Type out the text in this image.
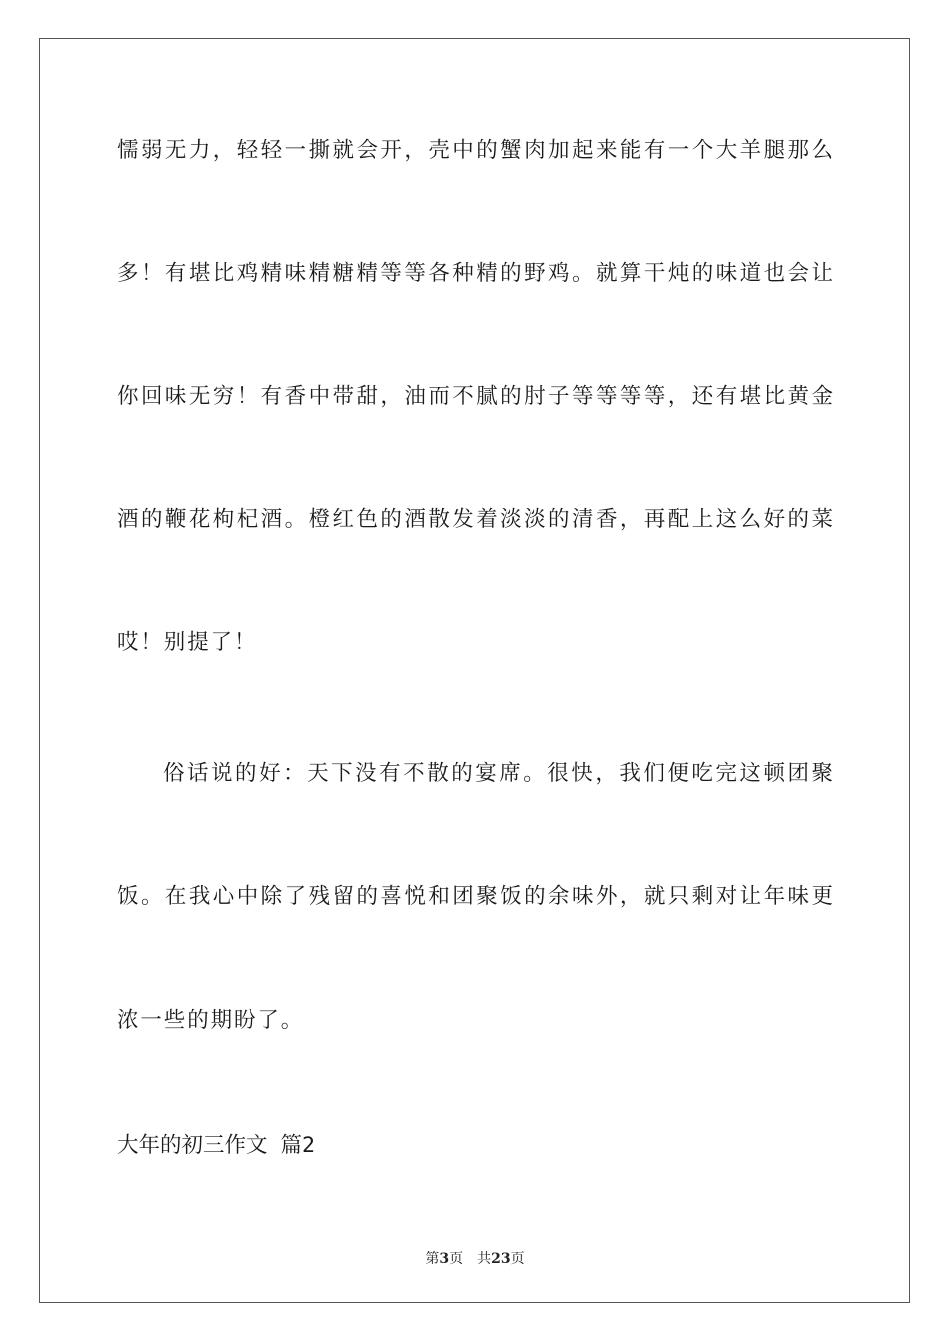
懦弱无力，轻轻一撕就会开，壳中的蟹肉加起来能有一个大羊腿那么
多！有堪比鸡精味精糖精等等各种精的野鸡。就算干炖的味道也会让
你回味无穷！有香中带甜，油而不腻的肘子等等等等，还有堪比黄金
酒的鞭花枸杞酒。橙红色的酒散发着淡淡的清香，再配上这么好的菜
哎！别提了！
俗话说的好：天下没有不散的宴席。很快，我们便吃完这顿团聚
饭。在我心中除了残留的喜悦和团聚饭的余味外，就只剩对让年味更
浓一些的期盼了。
大年的初三作文 篇2
第3页 共23页
